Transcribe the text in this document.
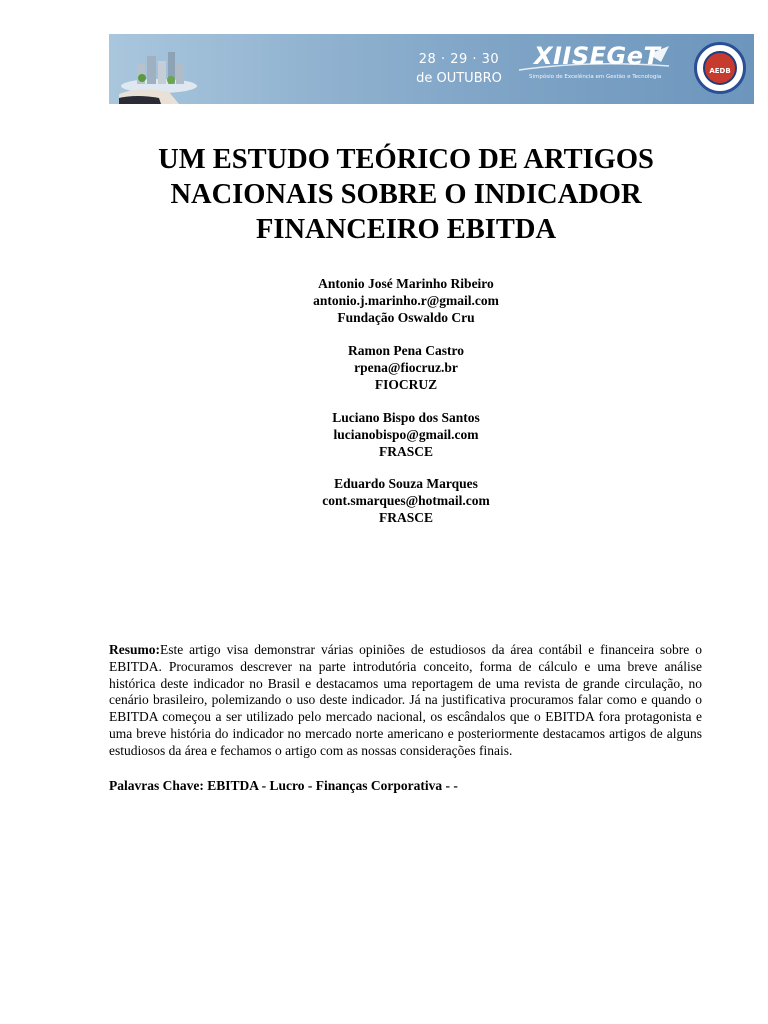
28 · 29 · 30
de OUTUBRO
XIISEGeT
Simpósio de Excelência em Gestão e Tecnologia
AEDB
UM ESTUDO TEÓRICO DE ARTIGOS
NACIONAIS SOBRE O INDICADOR
FINANCEIRO EBITDA
Antonio José Marinho Ribeiro
antonio.j.marinho.r@gmail.com
Fundação Oswaldo Cru
Ramon Pena Castro
rpena@fiocruz.br
FIOCRUZ
Luciano Bispo dos Santos
lucianobispo@gmail.com
FRASCE
Eduardo Souza Marques
cont.smarques@hotmail.com
FRASCE
Resumo:Este artigo visa demonstrar várias opiniões de estudiosos da área contábil e financeira sobre o EBITDA. Procuramos descrever na parte introdutória conceito, forma de cálculo e uma breve análise histórica deste indicador no Brasil e destacamos uma reportagem de uma revista de grande circulação, no cenário brasileiro, polemizando o uso deste indicador. Já na justificativa procuramos falar como e quando o EBITDA começou a ser utilizado pelo mercado nacional, os escândalos que o EBITDA fora protagonista e uma breve história do indicador no mercado norte americano e posteriormente destacamos artigos de alguns estudiosos da área e fechamos o artigo com as nossas considerações finais.
Palavras Chave: EBITDA - Lucro - Finanças Corporativa - -
